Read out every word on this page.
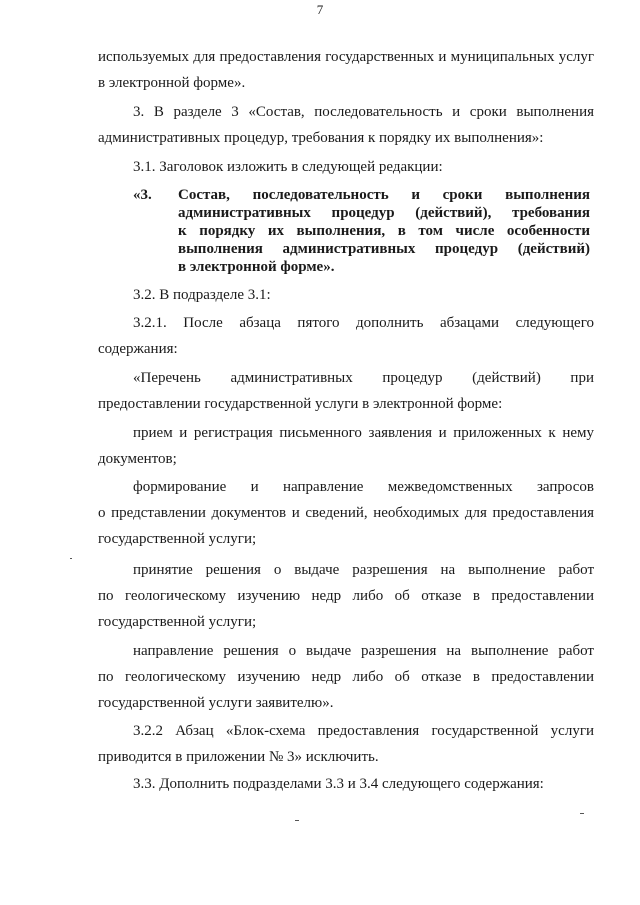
7

используемых для предоставления государственных и муниципальных услуг

в электронной форме».

3. В разделе 3 «Состав, последовательность и сроки выполнения

административных процедур, требования к порядку их выполнения»:

3.1. Заголовок изложить в следующей редакции:

«3. Состав, последовательность и сроки выполнения

административных процедур (действий), требования

к порядку их выполнения, в том числе особенности

выполнения административных процедур (действий)

в электронной форме».

3.2. В подразделе 3.1:

3.2.1. После абзаца пятого дополнить абзацами следующего

содержания:

«Перечень административных процедур (действий) при

предоставлении государственной услуги в электронной форме:

прием и регистрация письменного заявления и приложенных к нему

документов;

формирование и направление межведомственных запросов

о представлении документов и сведений, необходимых для предоставления

государственной услуги;

принятие решения о выдаче разрешения на выполнение работ

по геологическому изучению недр либо об отказе в предоставлении

государственной услуги;

направление решения о выдаче разрешения на выполнение работ

по геологическому изучению недр либо об отказе в предоставлении

государственной услуги заявителю».

3.2.2 Абзац «Блок-схема предоставления государственной услуги

приводится в приложении № 3» исключить.

3.3. Дополнить подразделами 3.3 и 3.4 следующего содержания:
